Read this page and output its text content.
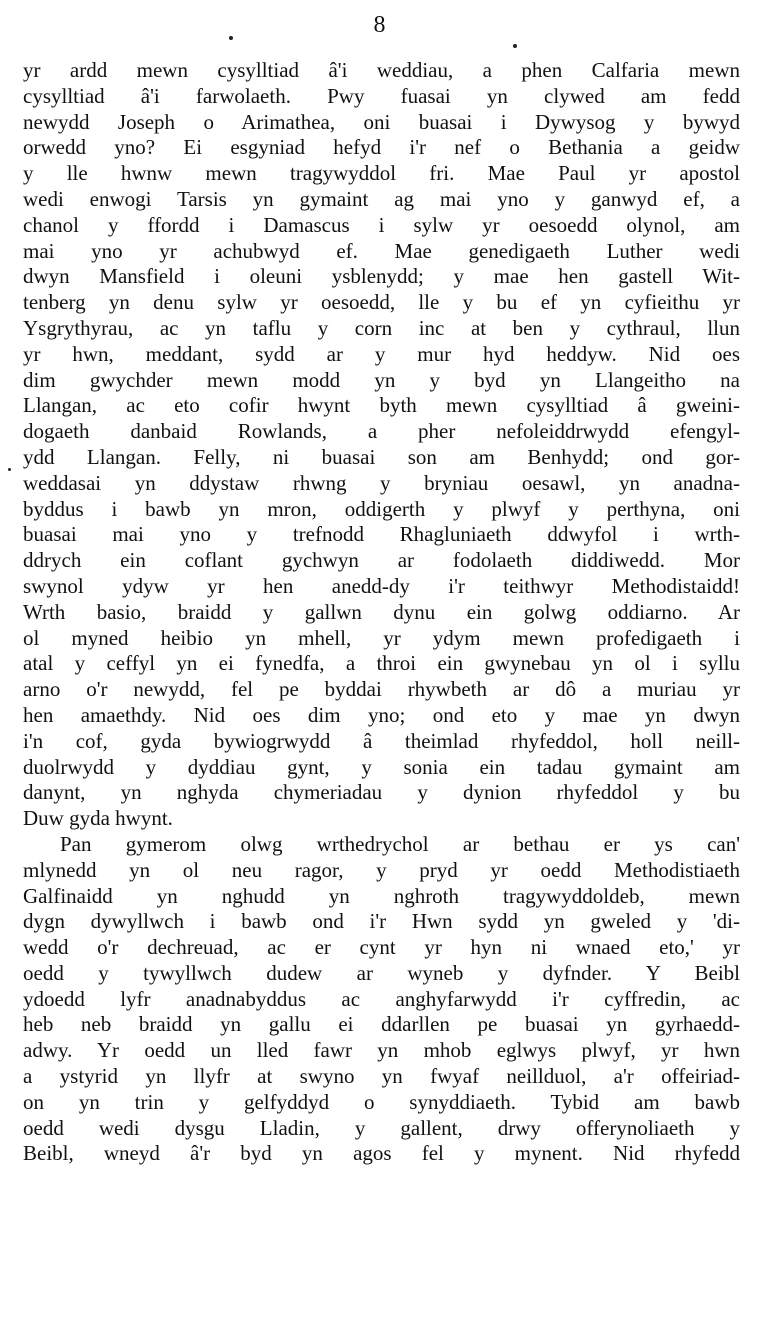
8
yr ardd mewn cysylltiad â'i weddiau, a phen Calfaria mewn
cysylltiad â'i farwolaeth. Pwy fuasai yn clywed am fedd
newydd Joseph o Arimathea, oni buasai i Dywysog y bywyd
orwedd yno? Ei esgyniad hefyd i'r nef o Bethania a geidw
y lle hwnw mewn tragywyddol fri. Mae Paul yr apostol
wedi enwogi Tarsis yn gymaint ag mai yno y ganwyd ef, a
chanol y ffordd i Damascus i sylw yr oesoedd olynol, am
mai yno yr achubwyd ef. Mae genedigaeth Luther wedi
dwyn Mansfield i oleuni ysblenydd; y mae hen gastell Wit-
tenberg yn denu sylw yr oesoedd, lle y bu ef yn cyfieithu yr
Ysgrythyrau, ac yn taflu y corn inc at ben y cythraul, llun
yr hwn, meddant, sydd ar y mur hyd heddyw. Nid oes
dim gwychder mewn modd yn y byd yn Llangeitho na
Llangan, ac eto cofir hwynt byth mewn cysylltiad â gweini-
dogaeth danbaid Rowlands, a pher nefoleiddrwydd efengyl-
ydd Llangan. Felly, ni buasai son am Benhydd; ond gor-
weddasai yn ddystaw rhwng y bryniau oesawl, yn anadna-
byddus i bawb yn mron, oddigerth y plwyf y perthyna, oni
buasai mai yno y trefnodd Rhagluniaeth ddwyfol i wrth-
ddrych ein coflant gychwyn ar fodolaeth diddiwedd. Mor
swynol ydyw yr hen anedd-dy i'r teithwyr Methodistaidd!
Wrth basio, braidd y gallwn dynu ein golwg oddiarno. Ar
ol myned heibio yn mhell, yr ydym mewn profedigaeth i
atal y ceffyl yn ei fynedfa, a throi ein gwynebau yn ol i syllu
arno o'r newydd, fel pe byddai rhywbeth ar dô a muriau yr
hen amaethdy. Nid oes dim yno; ond eto y mae yn dwyn
i'n cof, gyda bywiogrwydd â theimlad rhyfeddol, holl neill-
duolrwydd y dyddiau gynt, y sonia ein tadau gymaint am
danynt, yn nghyda chymeriadau y dynion rhyfeddol y bu
Duw gyda hwynt.
Pan gymerom olwg wrthedrychol ar bethau er ys can'
mlynedd yn ol neu ragor, y pryd yr oedd Methodistiaeth
Galfinaidd yn nghudd yn nghroth tragywyddoldeb, mewn
dygn dywyllwch i bawb ond i'r Hwn sydd yn gweled y 'di-
wedd o'r dechreuad, ac er cynt yr hyn ni wnaed eto,' yr
oedd y tywyllwch dudew ar wyneb y dyfnder. Y Beibl
ydoedd lyfr anadnabyddus ac anghyfarwydd i'r cyffredin, ac
heb neb braidd yn gallu ei ddarllen pe buasai yn gyrhaedd-
adwy. Yr oedd un lled fawr yn mhob eglwys plwyf, yr hwn
a ystyrid yn llyfr at swyno yn fwyaf neillduol, a'r offeiriad-
on yn trin y gelfyddyd o synyddiaeth. Tybid am bawb
oedd wedi dysgu Lladin, y gallent, drwy offerynoliaeth y
Beibl, wneyd â'r byd yn agos fel y mynent. Nid rhyfedd
